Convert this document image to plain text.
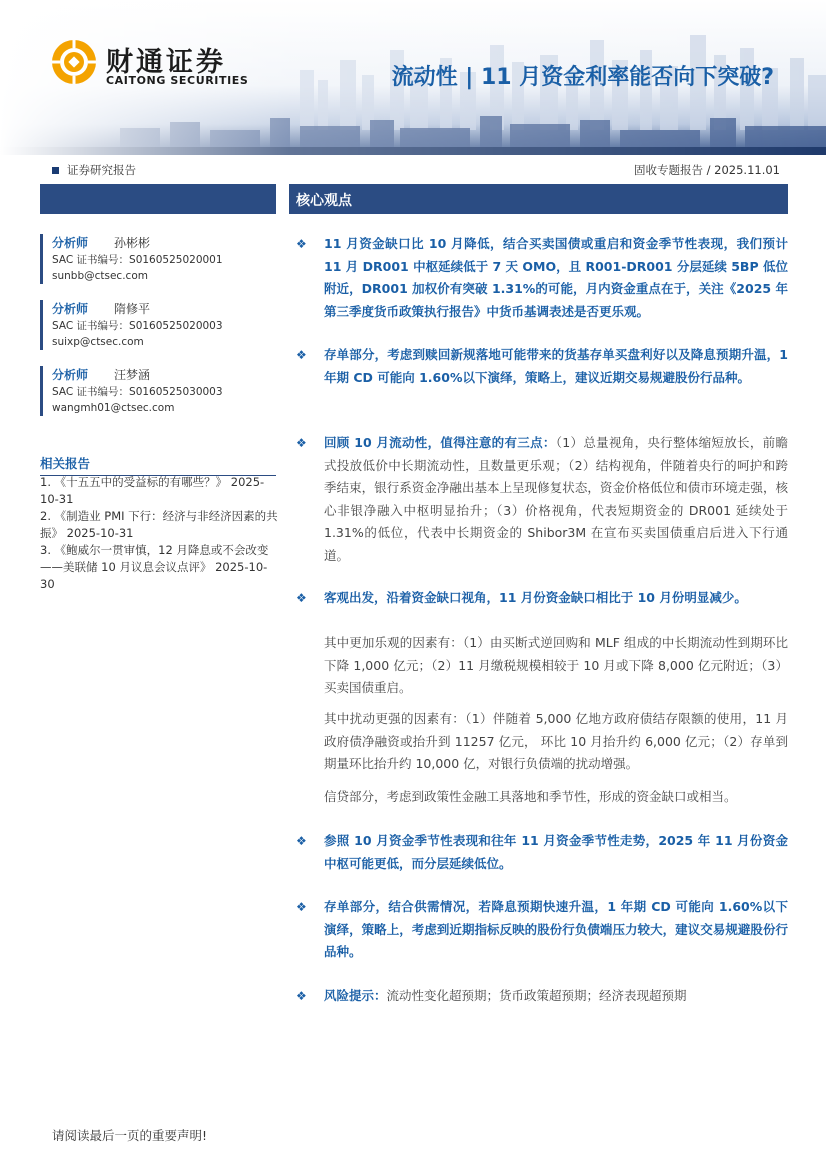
财通证券
CAITONG SECURITIES	流动性 | 11 月资金利率能否向下突破?
证券研究报告	固收专题报告 / 2025.11.01
分析师	孙彬彬
SAC 证书编号：S0160525020001
sunbb@ctsec.com
分析师	隋修平
SAC 证书编号：S0160525020003
suixp@ctsec.com
分析师	汪梦涵
SAC 证书编号：S0160525030003
wangmh01@ctsec.com
相关报告
1. 《十五五中的受益标的有哪些？》 2025-10-31
2. 《制造业 PMI 下行：经济与非经济因素的共振》 2025-10-31
3. 《鲍威尔一贯审慎，12 月降息或不会改变 ——美联储 10 月议息会议点评》 2025-10-30
核心观点
❖ 11 月资金缺口比 10 月降低，结合买卖国债或重启和资金季节性表现，我们预计 11 月 DR001 中枢延续低于 7 天 OMO，且 R001-DR001 分层延续 5BP 低位附近，DR001 加权价有突破 1.31%的可能，月内资金重点在于，关注《2025 年第三季度货币政策执行报告》中货币基调表述是否更乐观。
❖ 存单部分，考虑到赎回新规落地可能带来的货基存单买盘利好以及降息预期升温，1 年期 CD 可能向 1.60%以下演绎，策略上，建议近期交易规避股份行品种。
❖ 回顾 10 月流动性，值得注意的有三点：（1）总量视角，央行整体缩短放长，前瞻式投放低价中长期流动性，且数量更乐观；（2）结构视角，伴随着央行的呵护和跨季结束，银行系资金净融出基本上呈现修复状态，资金价格低位和债市环境走强，核心非银净融入中枢明显抬升；（3）价格视角，代表短期资金的 DR001 延续处于 1.31%的低位，代表中长期资金的 Shibor3M 在宣布买卖国债重启后进入下行通道。
❖ 客观出发，沿着资金缺口视角，11 月份资金缺口相比于 10 月份明显减少。
其中更加乐观的因素有：（1）由买断式逆回购和 MLF 组成的中长期流动性到期环比下降 1,000 亿元；（2）11 月缴税规模相较于 10 月或下降 8,000 亿元附近；（3）买卖国债重启。
其中扰动更强的因素有：（1）伴随着 5,000 亿地方政府债结存限额的使用，11 月政府债净融资或抬升到 11257 亿元， 环比 10 月抬升约 6,000 亿元；（2）存单到期量环比抬升约 10,000 亿，对银行负债端的扰动增强。
信贷部分，考虑到政策性金融工具落地和季节性，形成的资金缺口或相当。
❖ 参照 10 月资金季节性表现和往年 11 月资金季节性走势，2025 年 11 月份资金中枢可能更低，而分层延续低位。
❖ 存单部分，结合供需情况，若降息预期快速升温，1 年期 CD 可能向 1.60%以下演绎，策略上，考虑到近期指标反映的股份行负债端压力较大，建议交易规避股份行品种。
❖ 风险提示：流动性变化超预期；货币政策超预期；经济表现超预期
请阅读最后一页的重要声明!
